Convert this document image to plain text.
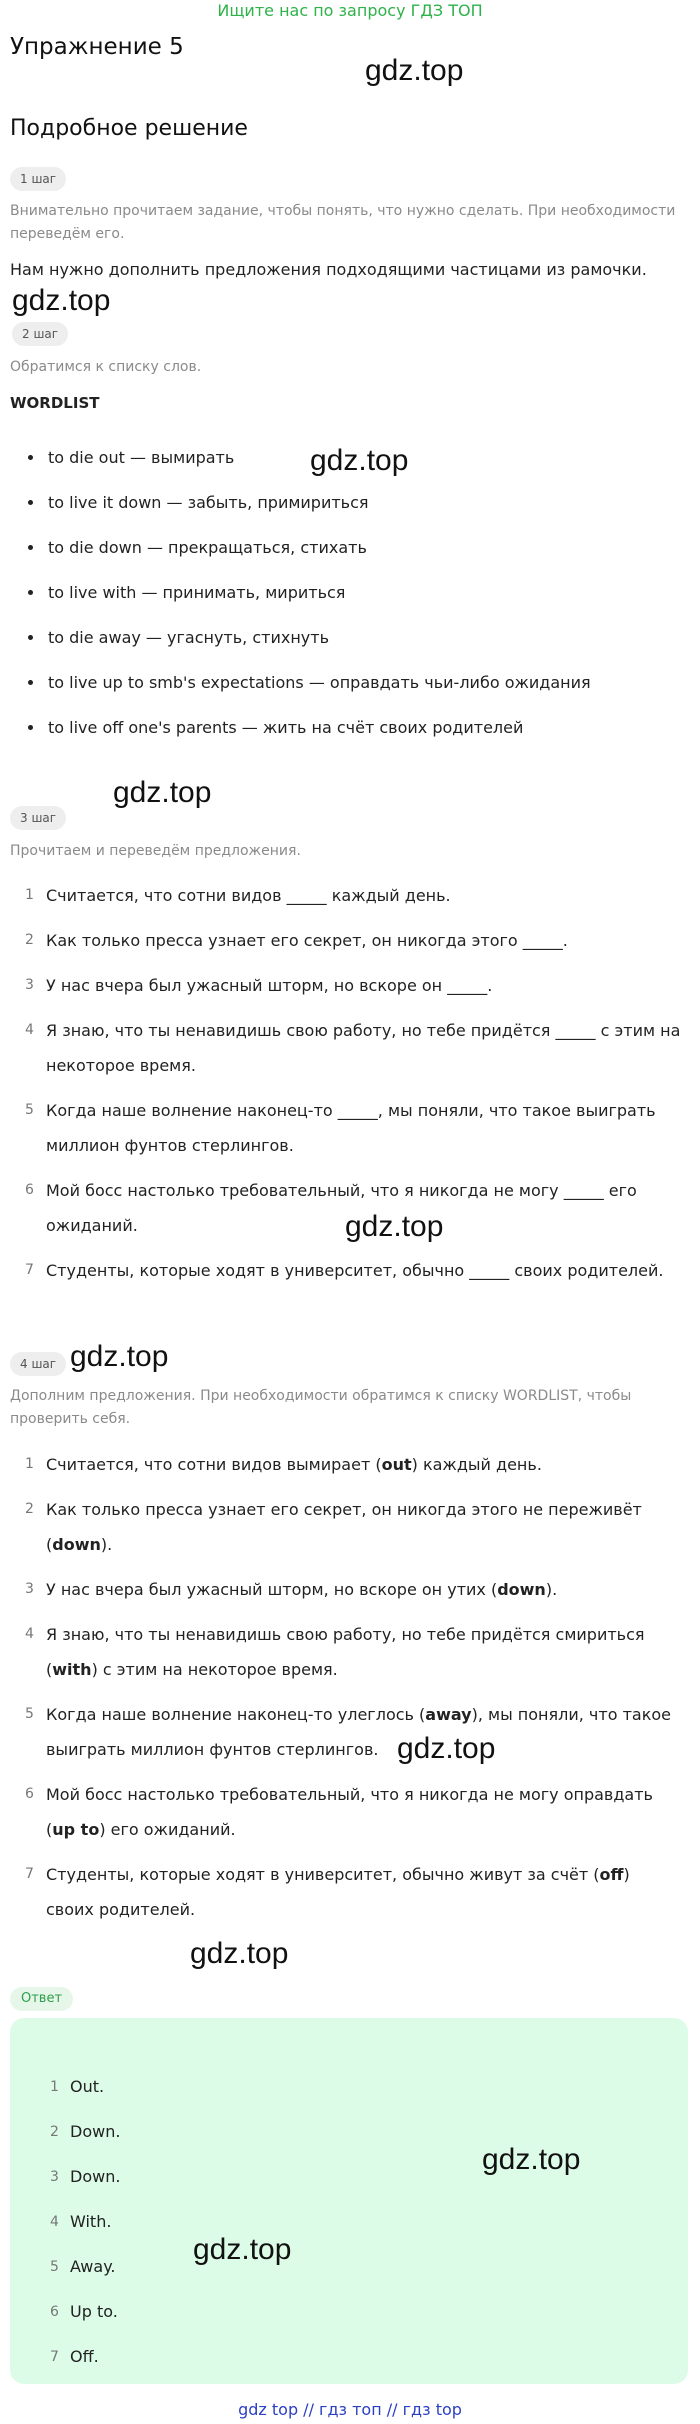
Ищите нас по запросу ГДЗ ТОП
Упражнение 5
gdz.top
Подробное решение
1 шаг
Внимательно прочитаем задание, чтобы понять, что нужно сделать. При необходимости переведём его.
Нам нужно дополнить предложения подходящими частицами из рамочки.
gdz.top
2 шаг
Обратимся к списку слов.
WORDLIST
to die out — вымирать
to live it down — забыть, примириться
to die down — прекращаться, стихать
to live with — принимать, мириться
to die away — угаснуть, стихнуть
to live up to smb's expectations — оправдать чьи-либо ожидания
to live off one's parents — жить на счёт своих родителей
gdz.top
gdz.top
3 шаг
Прочитаем и переведём предложения.
1 Считается, что сотни видов _____ каждый день.
2 Как только пресса узнает его секрет, он никогда этого _____.
3 У нас вчера был ужасный шторм, но вскоре он _____.
4 Я знаю, что ты ненавидишь свою работу, но тебе придётся _____ с этим на
некоторое время.
5 Когда наше волнение наконец-то _____, мы поняли, что такое выиграть
миллион фунтов стерлингов.
6 Мой босс настолько требовательный, что я никогда не могу _____ его
ожиданий.
7 Студенты, которые ходят в университет, обычно _____ своих родителей.
gdz.top
4 шаг gdz.top
Дополним предложения. При необходимости обратимся к списку WORDLIST, чтобы
проверить себя.
1 Считается, что сотни видов вымирает (out) каждый день.
2 Как только пресса узнает его секрет, он никогда этого не переживёт (down).
3 У нас вчера был ужасный шторм, но вскоре он утих (down).
4 Я знаю, что ты ненавидишь свою работу, но тебе придётся смириться (with) с этим на некоторое время.
5 Когда наше волнение наконец-то улеглось (away), мы поняли, что такое выиграть миллион фунтов стерлингов.
6 Мой босс настолько требовательный, что я никогда не могу оправдать (up to) его ожиданий.
7 Студенты, которые ходят в университет, обычно живут за счёт (off) своих родителей.
gdz.top
gdz.top
Ответ
1 Out.
2 Down.
3 Down.
4 With.
5 Away.
6 Up to.
7 Off.
gdz.top
gdz.top
gdz top // гдз топ // гдз top
